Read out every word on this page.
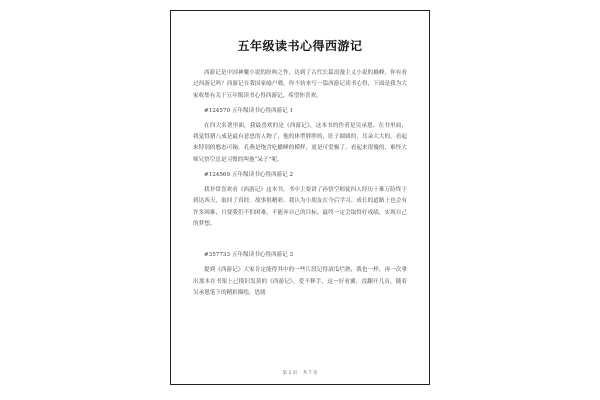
五年级读书心得西游记

西游记是中国神魔小说的经典之作，达到了古代长篇浪漫主义小说的巅峰，你有看过西游记吗？西游记在我国家喻户晓，你不妨来写一篇西游记读书心得，下面是我为大家收集有关于五年级读书心得西游记，希望你喜欢。

#124570 五年级读书心得西游记 1

在四大名著里面，我最喜欢的是《西游记》，这本书的作者是吴承恩。在书里面，我觉得猪八戒是最有意思的人物了，他的体型胖胖的，肚子圆圆的，耳朵大大的，看起来特别的憨态可掬。孔燕是饱含吃辙睡的模样，更是可爱极了。看起来很傻的，难怪大师兄悟空总是习惯的叫他“呆子”呢。

#124569 五年级读书心得西游记 2

我非常喜欢看《西游记》这本书，书中主要讲了孙悟空师徒四人经历十难万险终于到达西天，取回了真经。故事很精彩。我认为小朋友在今后学习、成长的道路上也会有许多困难，只要我们不怕困难，不能弃自己的目标，最终一定会取得好成绩，实现自己的梦想。

#357733 五年级读书心得西游记 3

提到《西游记》大家肯定能得其中的一些片段记得滚瓜烂熟，我也一样，再一次拿出那本在书架上已摸旧发黄的《西游记》，爱不释手，这一好看翼，没翻开几页，随着吴承恩笔下的精彩描绘，思绪

第 2 页 共 7 页
